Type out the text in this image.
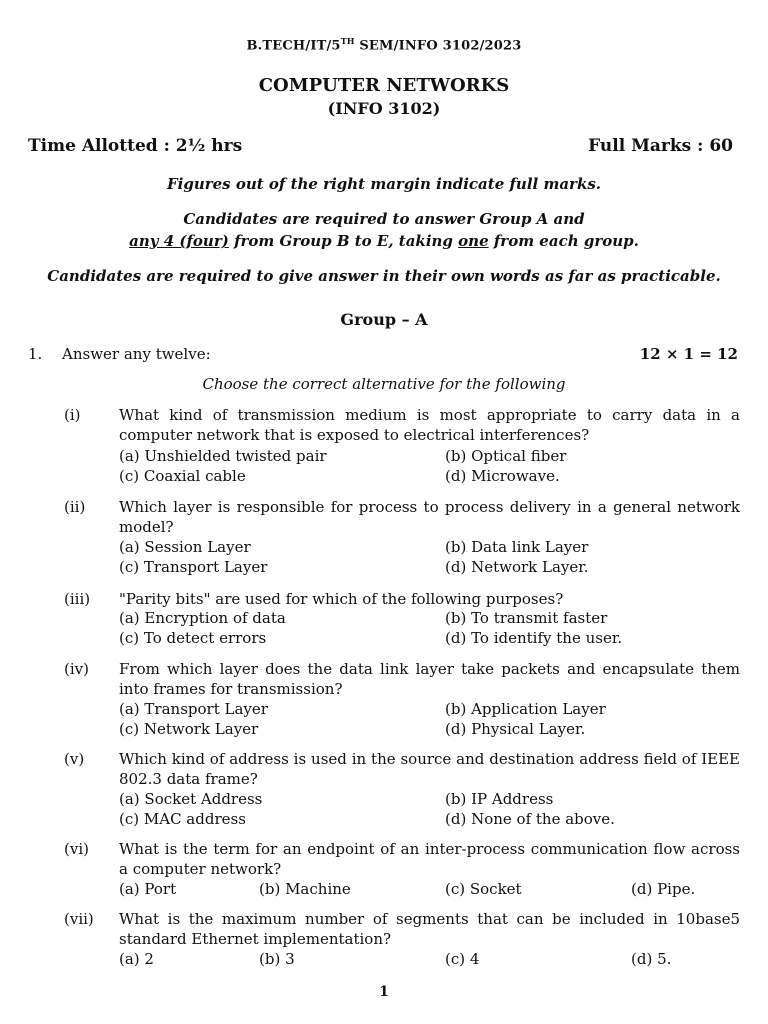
B.TECH/IT/5TH SEM/INFO 3102/2023
COMPUTER NETWORKS
(INFO 3102)
Time Allotted : 2½ hrs	Full Marks : 60
Figures out of the right margin indicate full marks.
Candidates are required to answer Group A and
any 4 (four) from Group B to E, taking one from each group.
Candidates are required to give answer in their own words as far as practicable.
Group – A
1. Answer any twelve:	12 × 1 = 12
Choose the correct alternative for the following
(i)	What kind of transmission medium is most appropriate to carry data in a computer network that is exposed to electrical interferences?
(a) Unshielded twisted pair	(b) Optical fiber
(c) Coaxial cable	(d) Microwave.
(ii)	Which layer is responsible for process to process delivery in a general network model?
(a) Session Layer	(b) Data link Layer
(c) Transport Layer	(d) Network Layer.
(iii)	"Parity bits" are used for which of the following purposes?
(a) Encryption of data	(b) To transmit faster
(c) To detect errors	(d) To identify the user.
(iv)	From which layer does the data link layer take packets and encapsulate them into frames for transmission?
(a) Transport Layer	(b) Application Layer
(c) Network Layer	(d) Physical Layer.
(v)	Which kind of address is used in the source and destination address field of IEEE 802.3 data frame?
(a) Socket Address	(b) IP Address
(c) MAC address	(d) None of the above.
(vi)	What is the term for an endpoint of an inter-process communication flow across a computer network?
(a) Port	(b) Machine	(c) Socket	(d) Pipe.
(vii)	What is the maximum number of segments that can be included in 10base5 standard Ethernet implementation?
(a) 2	(b) 3	(c) 4	(d) 5.
1
